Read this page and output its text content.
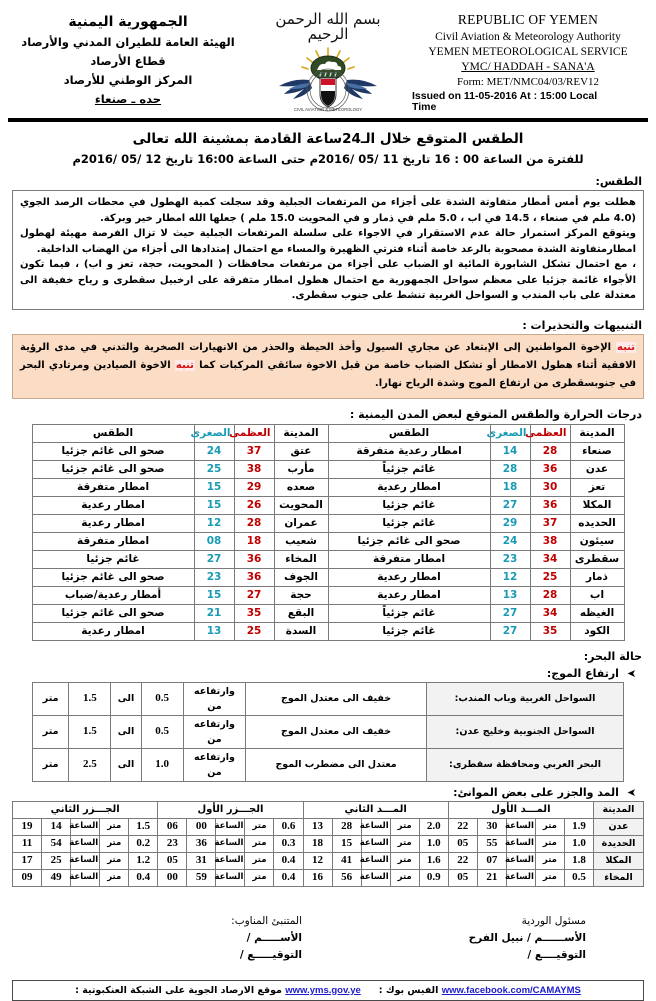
REPUBLIC OF YEMEN
Civil Aviation & Meteorology Authority
YEMEN METEOROLOGICAL SERVICE
YMC/ HADDAH - SANA'A
Form: MET/NMC04/03/REV12
Issued on 11-05-2016 At : 15:00 Local
Time
بسم الله الرحمن الرحيم
CIVIL AVIATION & METEOROLOGY
الجمهورية اليمنية
الهيئة العامة للطيران المدني والأرصاد
قطاع الأرصاد
المركز الوطني للأرصاد
حده ـ صنعاء
الطقس المتوقع خلال الـ24ساعة القادمة بمشينة الله تعالى
للفترة من الساعة 00 : 16 تاريخ 11 /05 /2016م حتى الساعة 16:00 تاريخ 12 /05 /2016م
الطقس:
هطلت يوم أمس أمطار متفاوتة الشدة على أجزاء من المرتفعات الجبلية وقد سجلت كمية الهطول في محطات الرصد الجوي (4.0 ملم في صنعاء ، 14.5 في اب ، 5.0 ملم في ذمار و في المحويت 15.0 ملم ) جعلها الله امطار خير وبركة.
ويتوقع المركز استمرار حالة عدم الاستقرار في الاجواء على سلسلة المرتفعات الجبلية حيث لا تزال الفرصة مهيئة لهطول امطارمتفاوتة الشدة مصحوبة بالرعد خاصة أثناء فترتي الظهيرة والمساء مع احتمال إمتدادها الى أجزاء من الهضاب الداخلية.
، مع احتمال تشكل الشابورة المائية او الضباب على أجزاء من مرتفعات محافظات ( المحويت، حجة، تعز و اب) ، فيما تكون الأجواء غائمة جزئيا على معظم سواحل الجمهورية مع احتمال هطول امطار متفرقة على ارخبيل سقطرى و رياح خفيفة الى معتدلة على باب المندب و السواحل الغربية تنشط على جنوب سقطرى.
التنبيهات والتحذيرات :
تنبه الإخوة المواطنين إلى الإبتعاد عن مجاري السيول وأخذ الحيطة والحذر من الانهيارات الصخرية والتدني في مدى الرؤية الافقية أثناء هطول الامطار أو تشكل الضباب خاصة من قبل الاخوة سائقي المركبات كما تنبه الاخوة الصيادين ومرتادي البحر في جنوبسقطرى من ارتفاع الموج وشدة الرياح نهارا.
درجات الحرارة والطقس المتوقع لبعض المدن اليمنية :
المدينة	العظمى	الصغرى	الطقس	المدينة	العظمى	الصغرى	الطقس
صنعاء	28	14	امطار رعدية متفرقة	عتق	37	24	صحو الى غائم جزئيا
عدن	36	28	غائم جزئياً	مأرب	38	25	صحو الى غائم جزئيا
تعز	30	18	امطار رعدية	صعده	29	15	امطار متفرقة
المكلا	36	27	غائم جزئيا	المحويت	26	15	امطار رعدية
الحديده	37	29	غائم جزئيا	عمران	28	12	امطار رعدية
سيئون	38	24	صحو الى غائم جزئيا	شعيب	18	08	امطار متفرقة
سقطرى	34	23	امطار متفرقة	المخاء	36	27	غائم جزئيا
ذمار	25	12	امطار رعدية	الجوف	36	23	صحو الى غائم جزئيا
اب	28	13	امطار رعدية	حجة	27	15	أمطار رعدية/ضباب
الغيظه	34	27	غائم جزئياً	البقع	35	21	صحو الى غائم جزئيا
الكود	35	27	غائم جزئيا	السدة	25	13	امطار رعدية
حالة البحر:
➤ ارتفاع الموج:
السواحل الغربية وباب المندب:	خفيف الى معتدل الموج	وارتفاعه من	0.5	الى	1.5	متر
السواحل الجنوبية وخليج عدن:	خفيف الى معتدل الموج	وارتفاعه من	0.5	الى	1.5	متر
البحر العربي ومحافظة سقطرى:	معتدل الى مضطرب الموج	وارتفاعه من	1.0	الى	2.5	متر
➤ المد والجزر على بعض الموانئ:
المدينة	المـــد الأول					المـــد الثاني					الجـــزر الأول					الجـــزر الثاني				
عدن	1.9	متر	الساعة	30	22	2.0	متر	الساعة	28	13	0.6	متر	الساعة	00	06	1.5	متر	الساعة	14	19
الحديدة	1.0	متر	الساعة	55	05	1.0	متر	الساعة	15	18	0.3	متر	الساعة	36	23	0.2	متر	الساعة	54	11
المكلا	1.8	متر	الساعة	07	22	1.6	متر	الساعة	41	12	0.4	متر	الساعة	31	05	1.2	متر	الساعة	25	17
المخاء	0.5	متر	الساعة	21	05	0.9	متر	الساعة	56	16	0.4	متر	الساعة	59	00	0.4	متر	الساعة	49	09
مسئول الوردية
الأســــــم / نبيل الفرح
التوقيــــع /
المتنبئ المناوب:
الأســـــم /
التوقيـــــع /
www.facebook.com/CAMAYMS الفيس بوك :
www.yms.gov.ye موقع الارصاد الجوية على الشبكة العنكبوتية :
